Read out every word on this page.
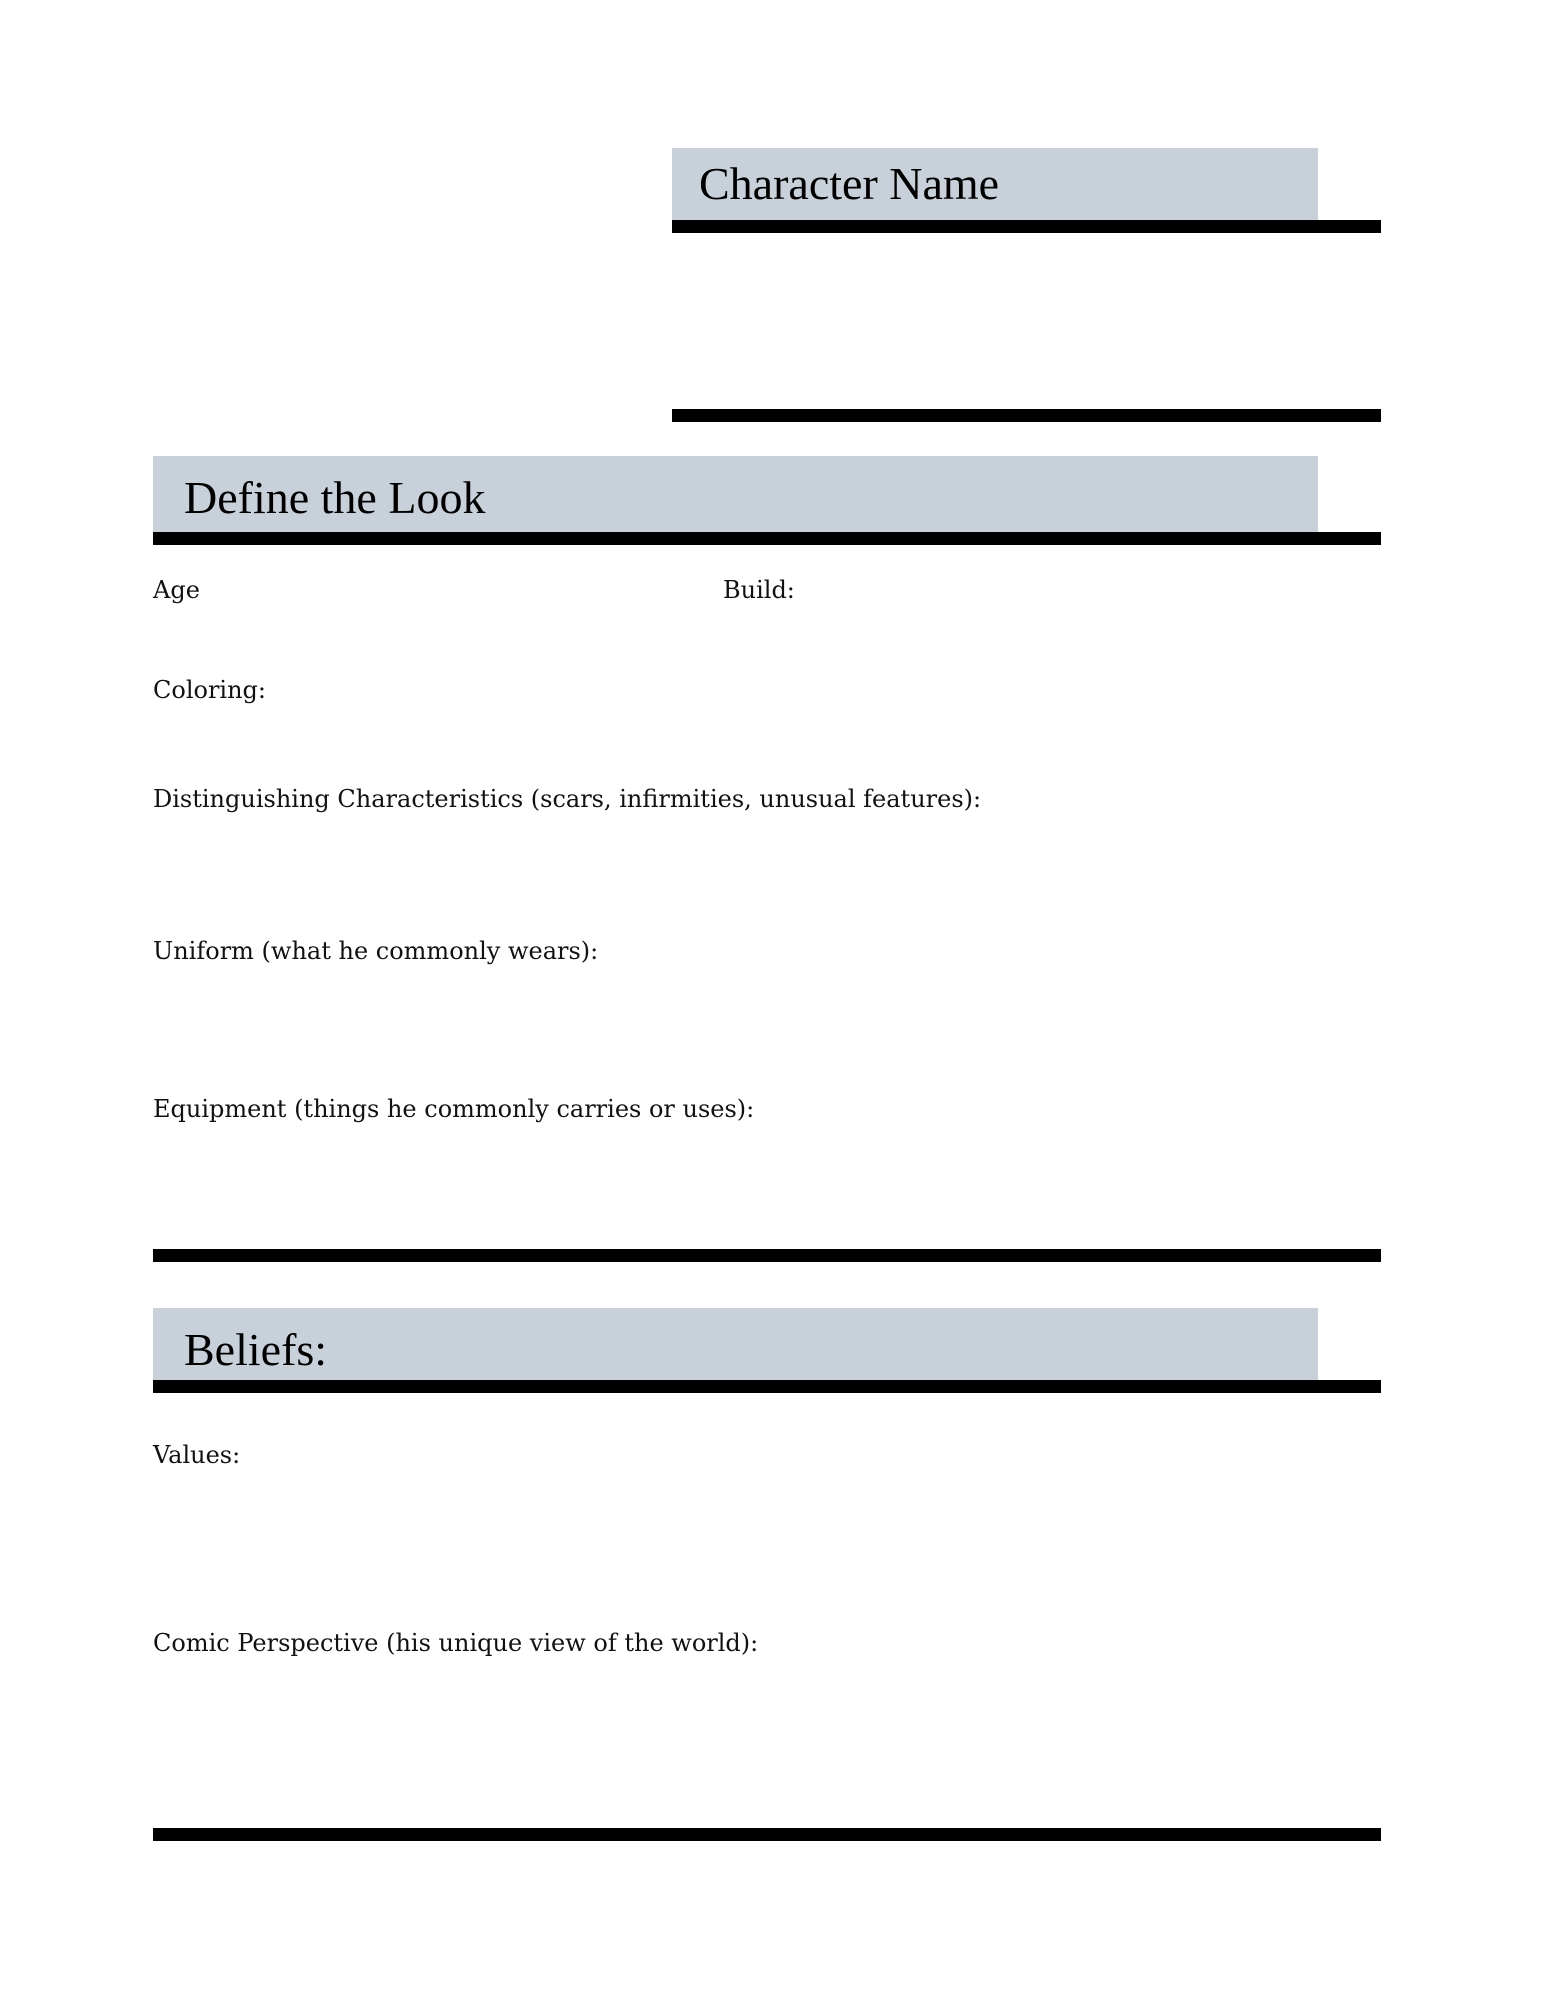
Character Name
Define the Look
Age	Build:
Coloring:
Distinguishing Characteristics (scars, infirmities, unusual features):
Uniform (what he commonly wears):
Equipment (things he commonly carries or uses):
Beliefs:
Values:
Comic Perspective (his unique view of the world):
